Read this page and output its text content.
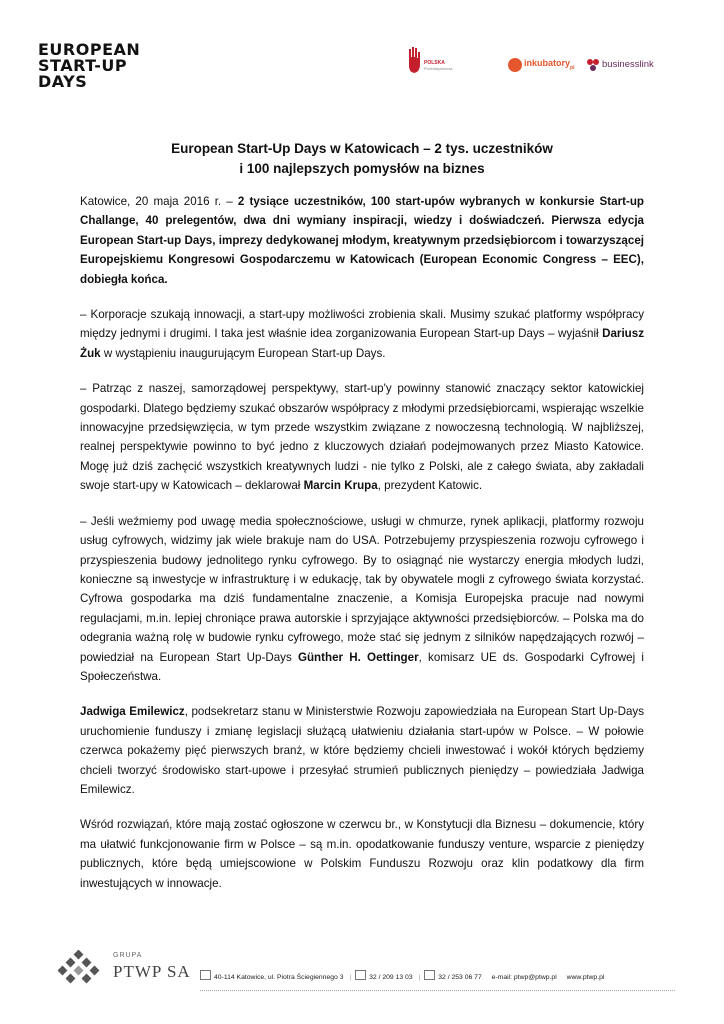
EUROPEAN
START-UP
DAYS
POLSKA
Przedsiębiorcza
inkubatory$_{pl}$	businesslink
European Start-Up Days w Katowicach – 2 tys. uczestników
i 100 najlepszych pomysłów na biznes

Katowice, 20 maja 2016 r. – 2 tysiące uczestników, 100 start-upów wybranych w konkursie Start-up Challange, 40 prelegentów, dwa dni wymiany inspiracji, wiedzy i doświadczeń. Pierwsza edycja European Start-up Days, imprezy dedykowanej młodym, kreatywnym przedsiębiorcom i towarzyszącej Europejskiemu Kongresowi Gospodarczemu w Katowicach (European Economic Congress – EEC), dobiegła końca.

– Korporacje szukają innowacji, a start-upy możliwości zrobienia skali. Musimy szukać platformy współpracy między jednymi i drugimi. I taka jest właśnie idea zorganizowania European Start-up Days – wyjaśnił Dariusz Żuk w wystąpieniu inaugurującym European Start-up Days.

– Patrząc z naszej, samorządowej perspektywy, start-up'y powinny stanowić znaczący sektor katowickiej gospodarki. Dlatego będziemy szukać obszarów współpracy z młodymi przedsiębiorcami, wspierając wszelkie innowacyjne przedsięwzięcia, w tym przede wszystkim związane z nowoczesną technologią. W najbliższej, realnej perspektywie powinno to być jedno z kluczowych działań podejmowanych przez Miasto Katowice. Mogę już dziś zachęcić wszystkich kreatywnych ludzi - nie tylko z Polski, ale z całego świata, aby zakładali swoje start-upy w Katowicach – deklarował Marcin Krupa, prezydent Katowic.

– Jeśli weźmiemy pod uwagę media społecznościowe, usługi w chmurze, rynek aplikacji, platformy rozwoju usług cyfrowych, widzimy jak wiele brakuje nam do USA. Potrzebujemy przyspieszenia rozwoju cyfrowego i przyspieszenia budowy jednolitego rynku cyfrowego. By to osiągnąć nie wystarczy energia młodych ludzi, konieczne są inwestycje w infrastrukturę i w edukację, tak by obywatele mogli z cyfrowego świata korzystać. Cyfrowa gospodarka ma dziś fundamentalne znaczenie, a Komisja Europejska pracuje nad nowymi regulacjami, m.in. lepiej chroniące prawa autorskie i sprzyjające aktywności przedsiębiorców. – Polska ma do odegrania ważną rolę w budowie rynku cyfrowego, może stać się jednym z silników napędzających rozwój – powiedział na European Start Up-Days Günther H. Oettinger, komisarz UE ds. Gospodarki Cyfrowej i Społeczeństwa.

Jadwiga Emilewicz, podsekretarz stanu w Ministerstwie Rozwoju zapowiedziała na European Start Up-Days uruchomienie funduszy i zmianę legislacji służącą ułatwieniu działania start-upów w Polsce. – W połowie czerwca pokażemy pięć pierwszych branż, w które będziemy chcieli inwestować i wokół których będziemy chcieli tworzyć środowisko start-upowe i przesyłać strumień publicznych pieniędzy – powiedziała Jadwiga Emilewicz.

Wśród rozwiązań, które mają zostać ogłoszone w czerwcu br., w Konstytucji dla Biznesu – dokumencie, który ma ułatwić funkcjonowanie firm w Polsce – są m.in. opodatkowanie funduszy venture, wsparcie z pieniędzy publicznych, które będą umiejscowione w Polskim Funduszu Rozwoju oraz klin podatkowy dla firm inwestujących w innowacje.

GRUPA
PTWP SA	40-114 Katowice, ul. Piotra Ściegiennego 3 |	32 / 209 13 03 |	32 / 253 06 77 e-mail: ptwp@ptwp.pl www.ptwp.pl
